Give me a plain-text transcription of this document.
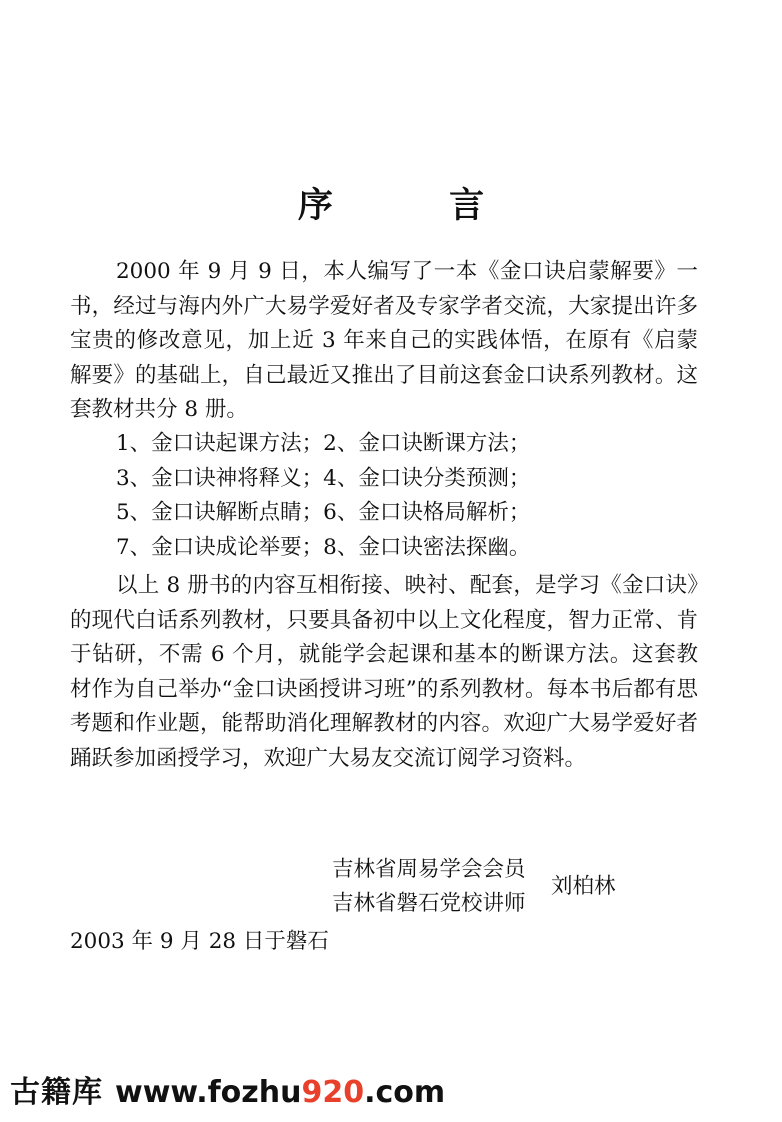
序 言
2000 年 9 月 9 日，本人编写了一本《金口诀启蒙解要》一书，经过与海内外广大易学爱好者及专家学者交流，大家提出许多宝贵的修改意见，加上近 3 年来自己的实践体悟，在原有《启蒙解要》的基础上，自己最近又推出了目前这套金口诀系列教材。这套教材共分 8 册。
1、金口诀起课方法；2、金口诀断课方法；
3、金口诀神将释义；4、金口诀分类预测；
5、金口诀解断点睛；6、金口诀格局解析；
7、金口诀成论举要；8、金口诀密法探幽。
以上 8 册书的内容互相衔接、映衬、配套，是学习《金口诀》的现代白话系列教材，只要具备初中以上文化程度，智力正常、肯于钻研，不需 6 个月，就能学会起课和基本的断课方法。这套教材作为自己举办“金口诀函授讲习班”的系列教材。每本书后都有思考题和作业题，能帮助消化理解教材的内容。欢迎广大易学爱好者踊跃参加函授学习，欢迎广大易友交流订阅学习资料。
吉林省周易学会会员
吉林省磐石党校讲师
刘柏林
2003 年 9 月 28 日于磐石
古籍库 www.fozhu920.com
